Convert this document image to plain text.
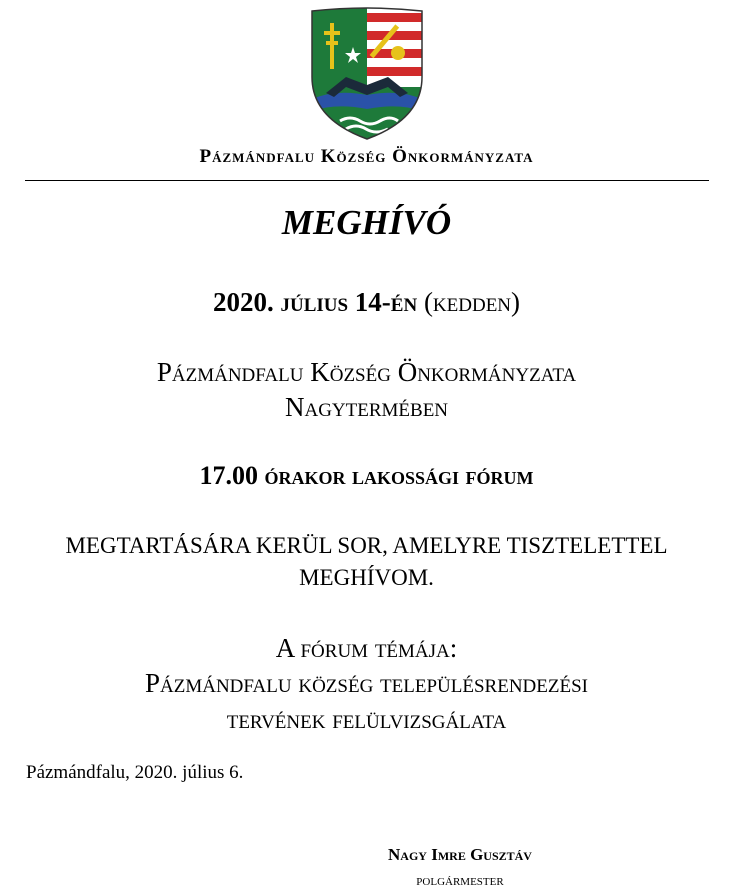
Pázmándfalu Község Önkormányzata
MEGHÍVÓ
2020. július 14-én (kedden)
Pázmándfalu Község Önkormányzata
Nagytermében
17.00 órakor lakossági fórum
MEGTARTÁSÁRA KERÜL SOR, AMELYRE TISZTELETTEL
MEGHÍVOM.
A fórum témája:
Pázmándfalu község településrendezési
tervének felülvizsgálata
Pázmándfalu, 2020. július 6.
Nagy Imre Gusztáv
polgármester
